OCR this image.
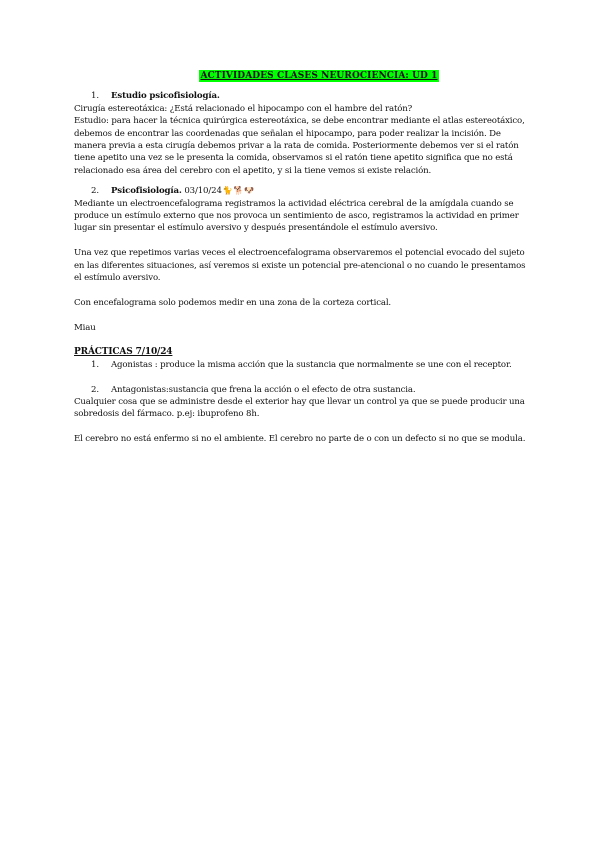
ACTIVIDADES CLASES NEUROCIENCIA: UD 1
1.	Estudio psicofisiología.

Cirugía estereotáxica: ¿Está relacionado el hipocampo con el hambre del ratón?

Estudio: para hacer la técnica quirúrgica estereotáxica, se debe encontrar mediante el atlas estereotáxico, debemos de encontrar las coordenadas que señalan el hipocampo, para poder realizar la incisión. De manera previa a esta cirugía debemos privar a la rata de comida. Posteriormente debemos ver si el ratón tiene apetito una vez se le presenta la comida, observamos si el ratón tiene apetito significa que no está relacionado esa área del cerebro con el apetito, y si la tiene vemos si existe relación.

2.	Psicofisiología. 03/10/24🐈🐕🐶

Mediante un electroencefalograma registramos la actividad eléctrica cerebral de la amígdala cuando se produce un estímulo externo que nos provoca un sentimiento de asco, registramos la actividad en primer lugar sin presentar el estímulo aversivo y después presentándole el estímulo aversivo.

Una vez que repetimos varias veces el electroencefalograma observaremos el potencial evocado del sujeto en las diferentes situaciones, así veremos si existe un potencial pre-atencional o no cuando le presentamos el estímulo aversivo.

Con encefalograma solo podemos medir en una zona de la corteza cortical.

Miau

PRÁCTICAS 7/10/24
1.	Agonistas : produce la misma acción que la sustancia que normalmente se une con el receptor.
2.	Antagonistas:sustancia que frena la acción o el efecto de otra sustancia.

Cualquier cosa que se administre desde el exterior hay que llevar un control ya que se puede producir una sobredosis del fármaco. p.ej: ibuprofeno 8h.

El cerebro no está enfermo si no el ambiente. El cerebro no parte de o con un defecto si no que se modula.
